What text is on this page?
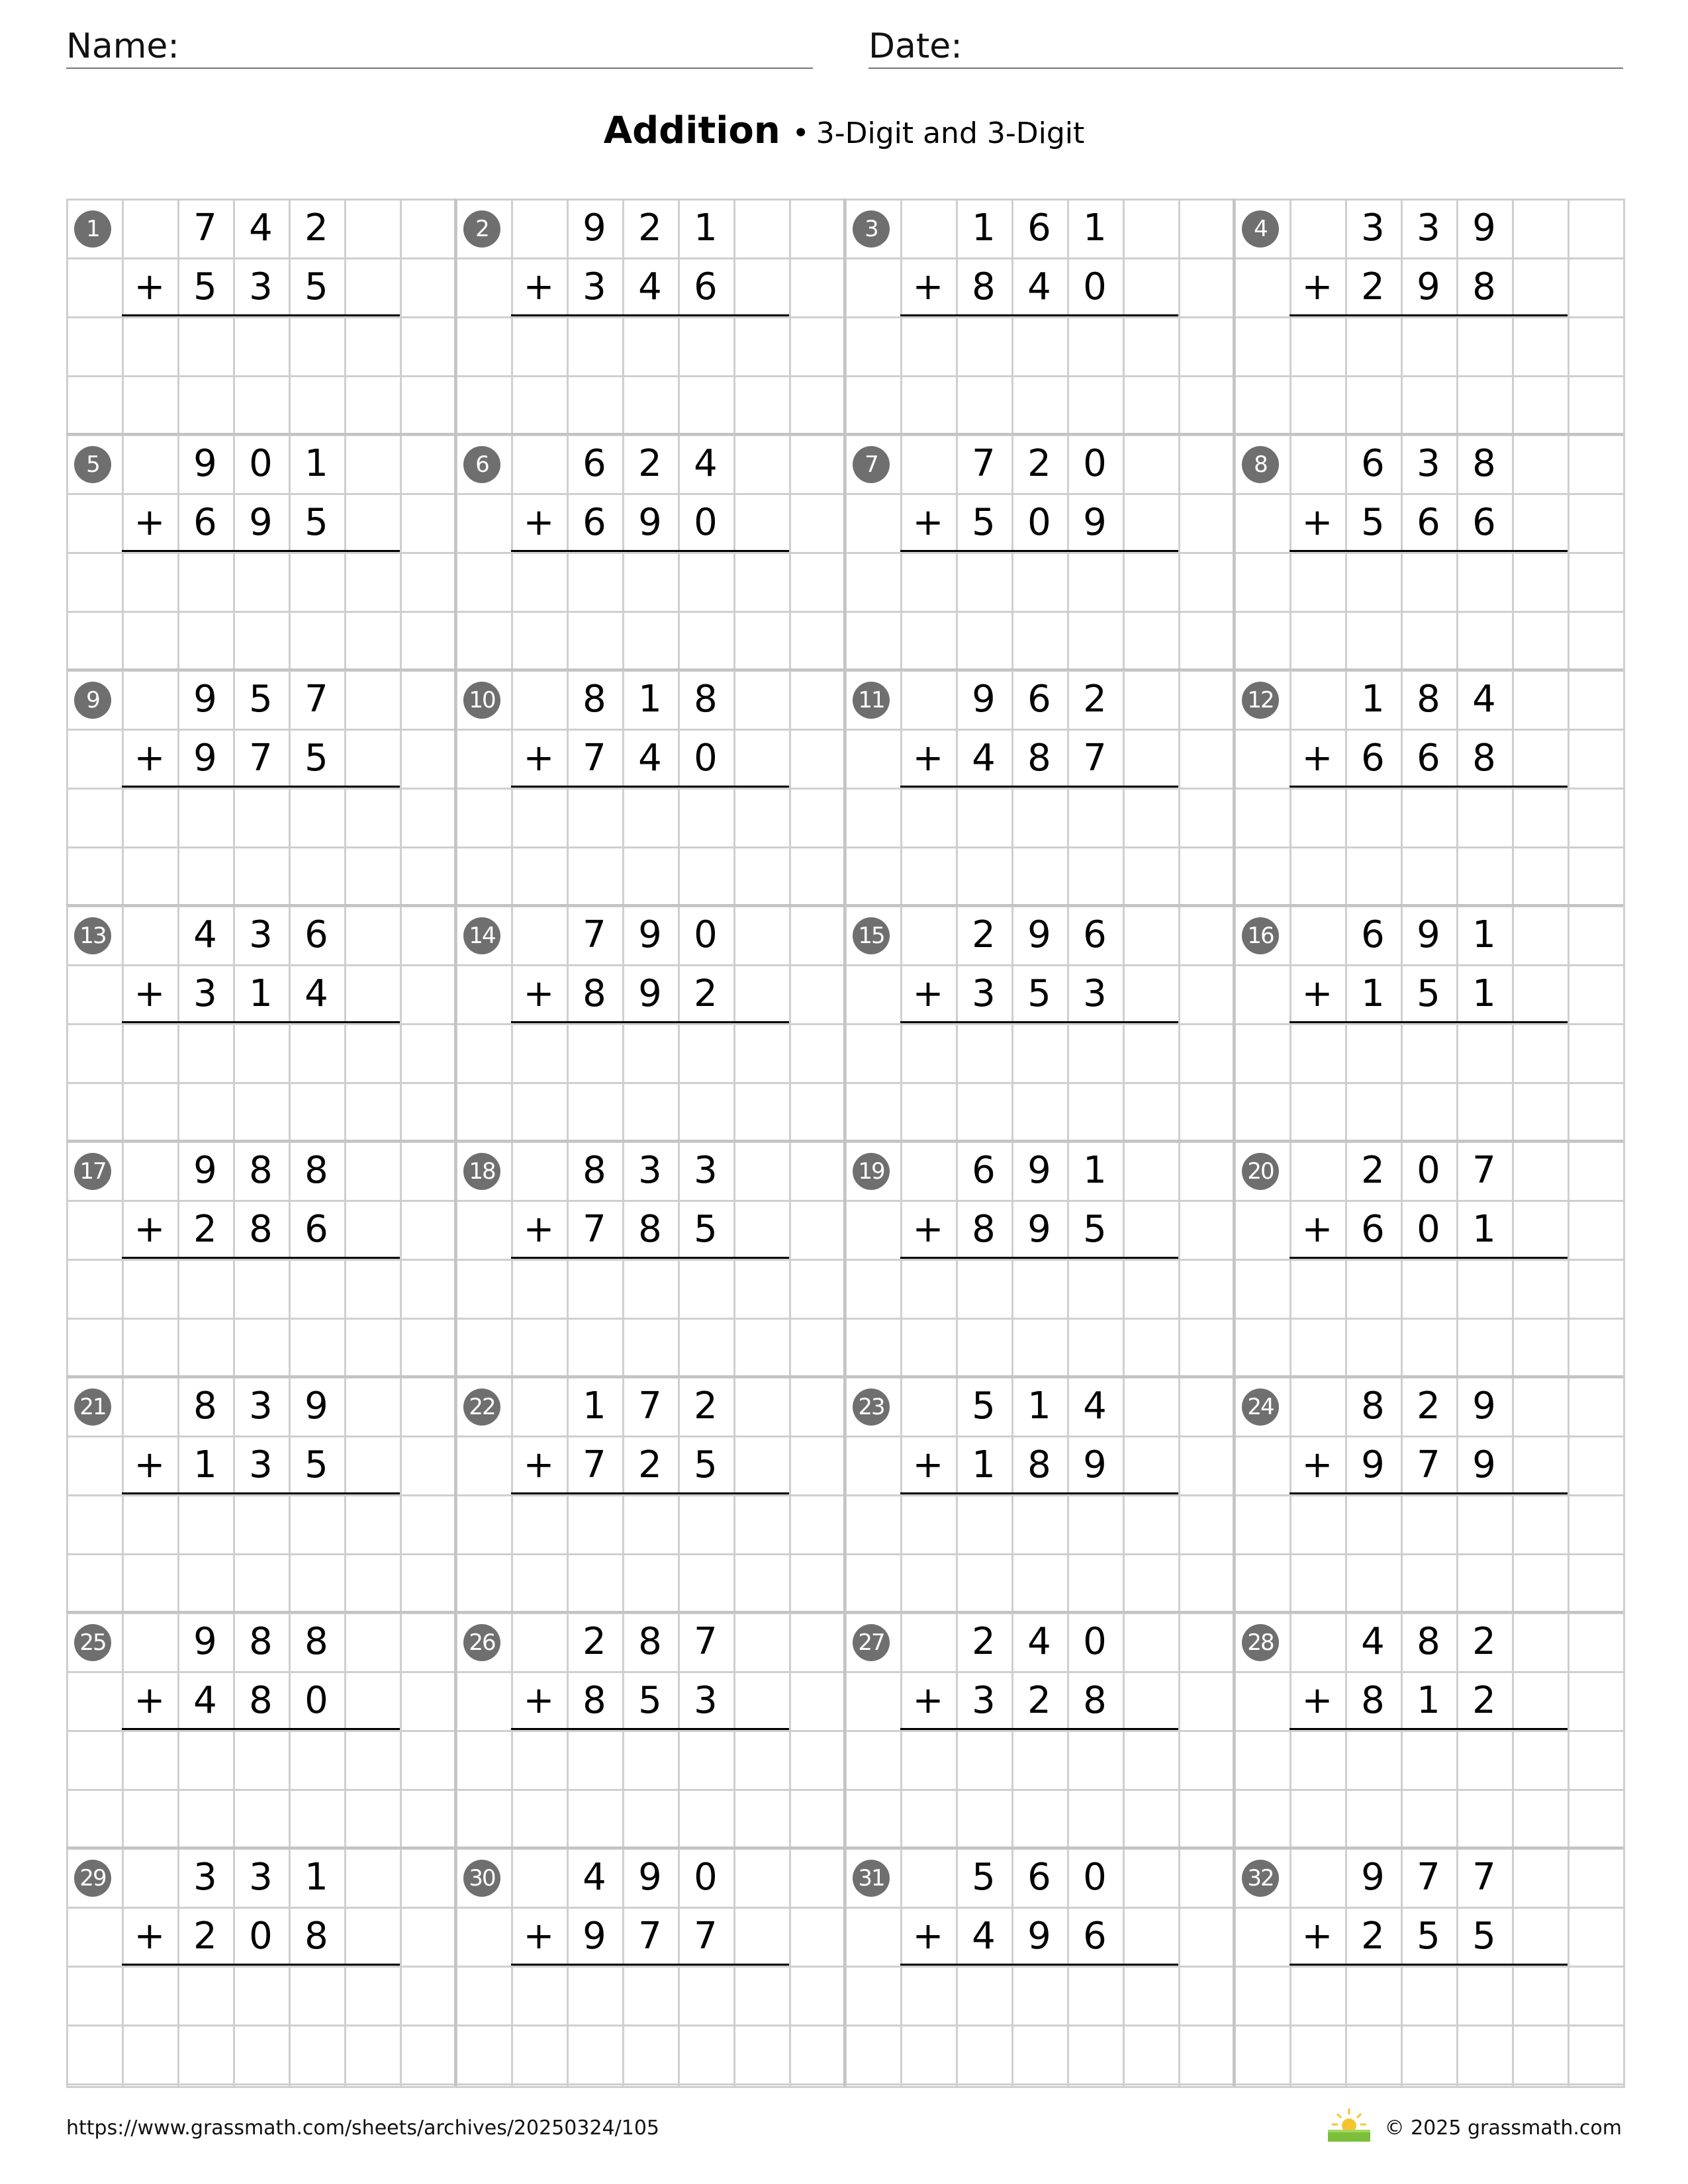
Name:	Date:
Addition • 3-Digit and 3-Digit
1	7 4 2
+ 5 3 5
2	9 2 1
+ 3 4 6
3	1 6 1
+ 8 4 0
4	3 3 9
+ 2 9 8
5	9 0 1
+ 6 9 5
6	6 2 4
+ 6 9 0
7	7 2 0
+ 5 0 9
8	6 3 8
+ 5 6 6
9	9 5 7
+ 9 7 5
10	8 1 8
+ 7 4 0
11	9 6 2
+ 4 8 7
12	1 8 4
+ 6 6 8
13	4 3 6
+ 3 1 4
14	7 9 0
+ 8 9 2
15	2 9 6
+ 3 5 3
16	6 9 1
+ 1 5 1
17	9 8 8
+ 2 8 6
18	8 3 3
+ 7 8 5
19	6 9 1
+ 8 9 5
20	2 0 7
+ 6 0 1
21	8 3 9
+ 1 3 5
22	1 7 2
+ 7 2 5
23	5 1 4
+ 1 8 9
24	8 2 9
+ 9 7 9
25	9 8 8
+ 4 8 0
26	2 8 7
+ 8 5 3
27	2 4 0
+ 3 2 8
28	4 8 2
+ 8 1 2
29	3 3 1
+ 2 0 8
30	4 9 0
+ 9 7 7
31	5 6 0
+ 4 9 6
32	9 7 7
+ 2 5 5
https://www.grassmath.com/sheets/archives/20250324/105	© 2025 grassmath.com
